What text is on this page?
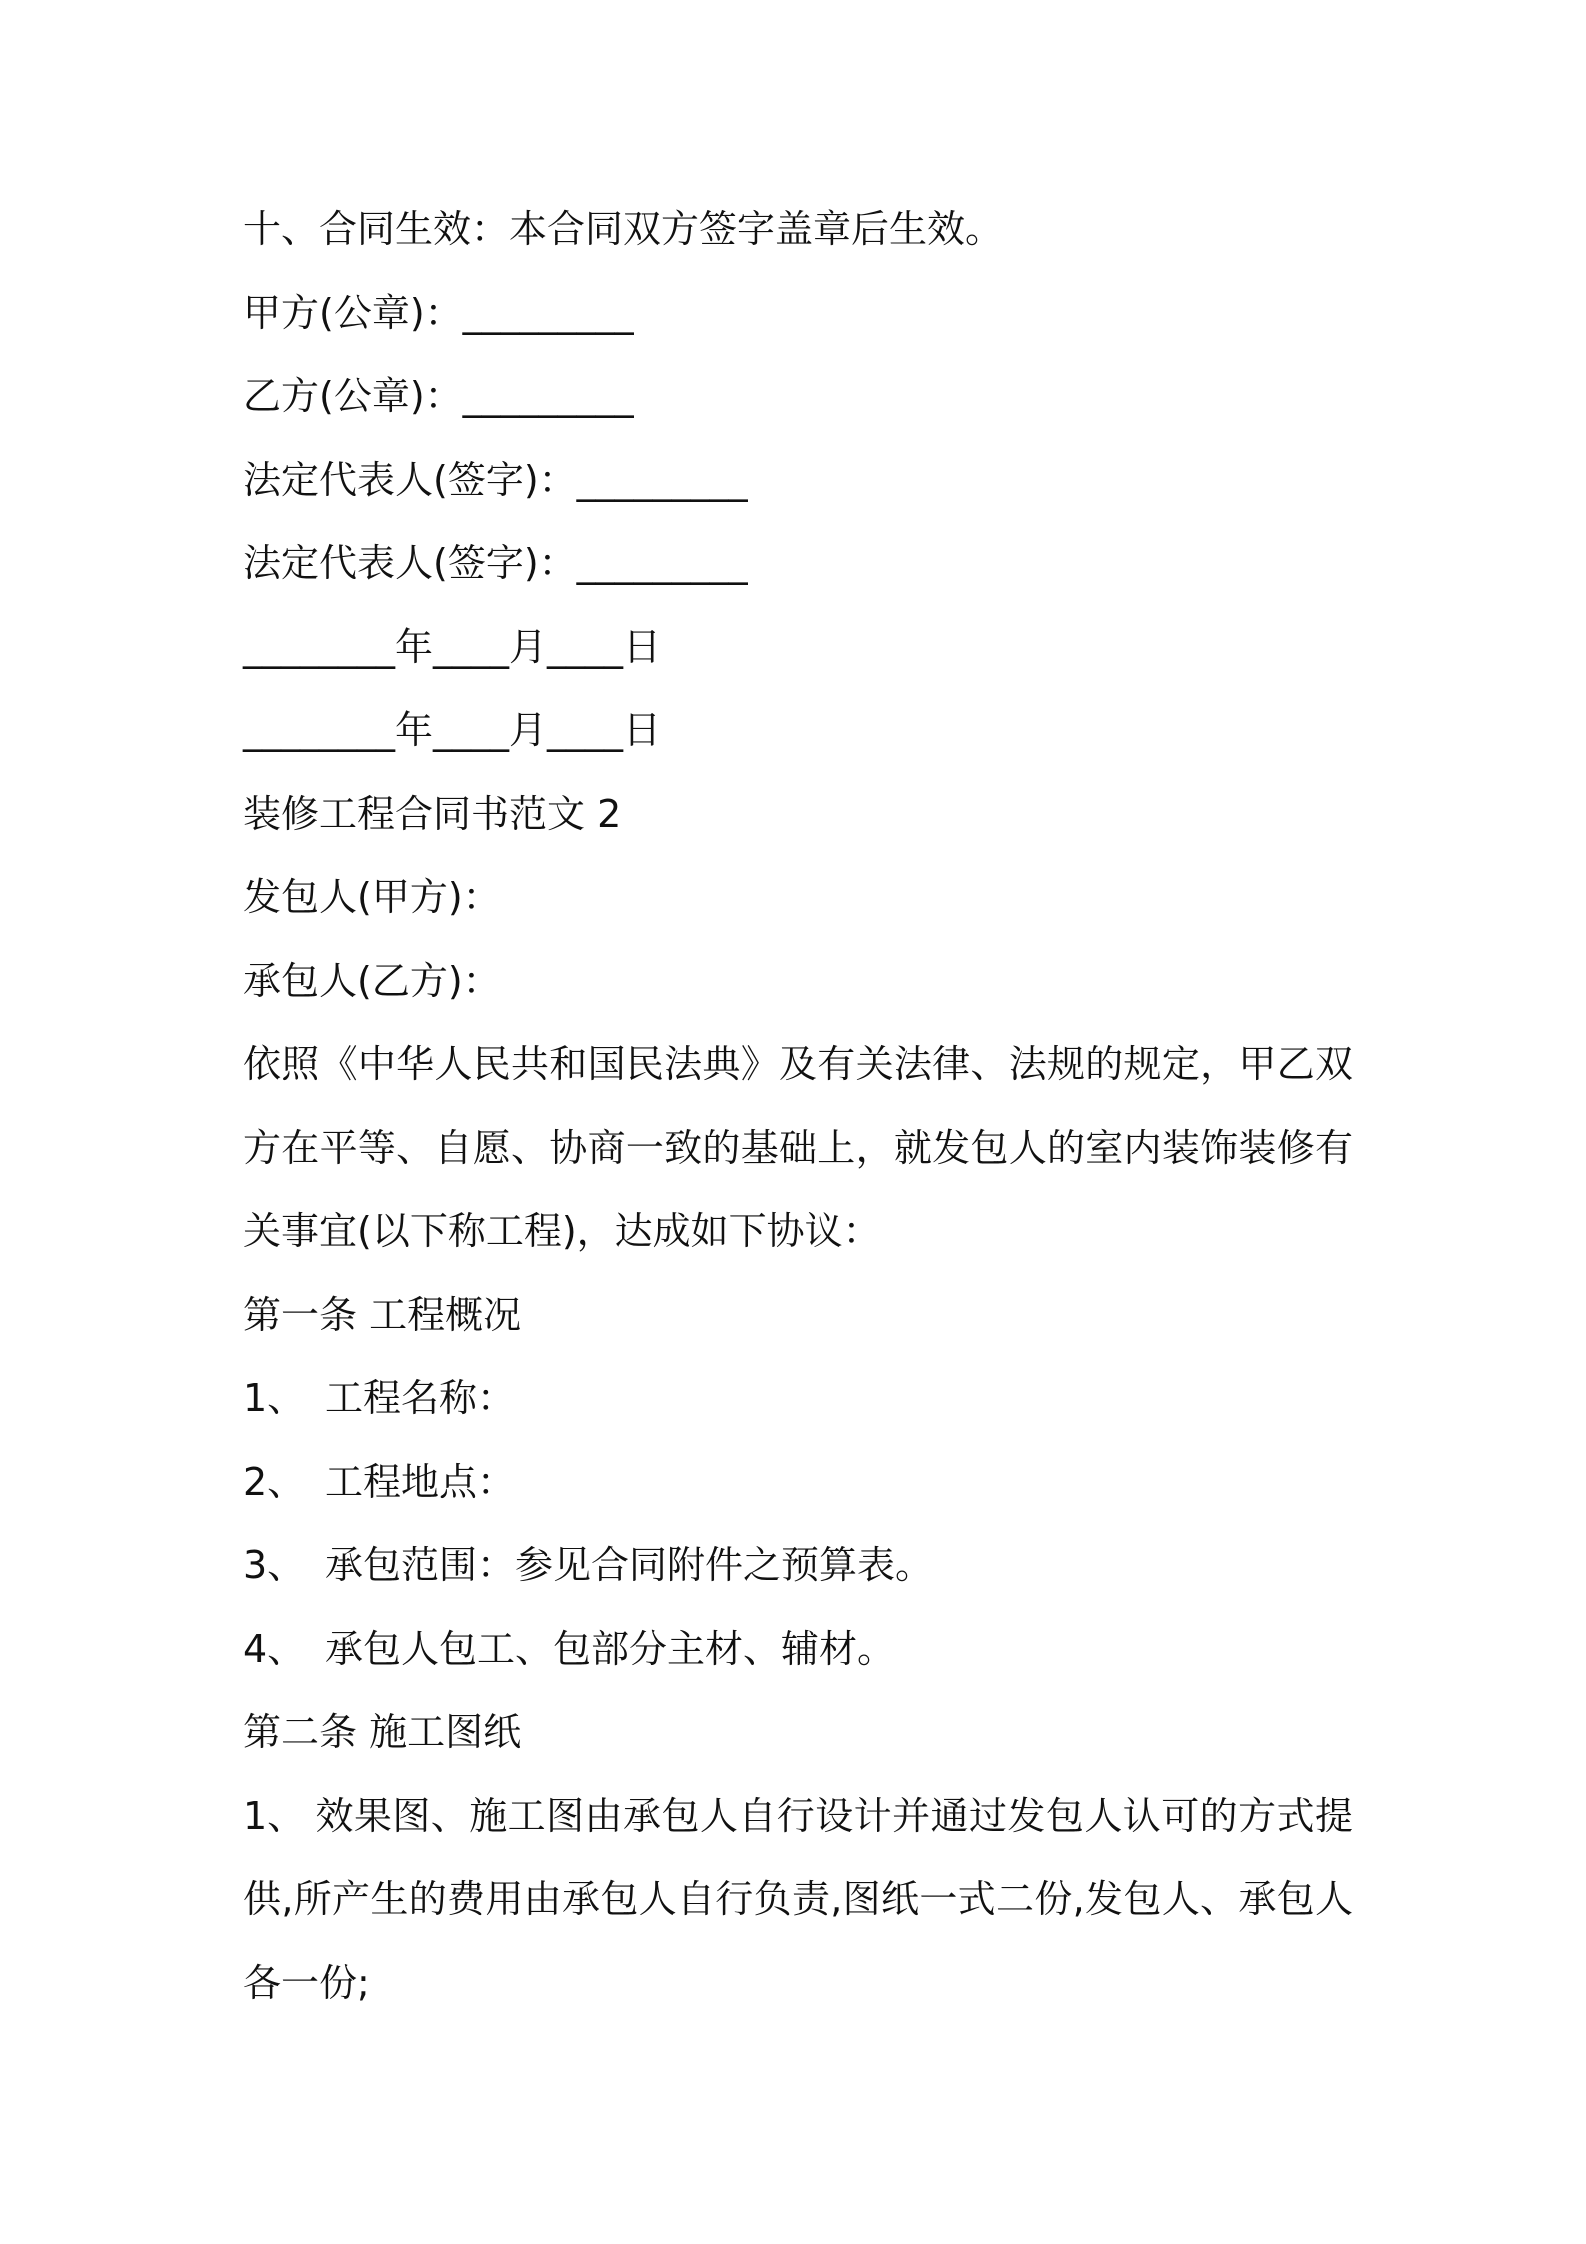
十、合同生效：本合同双方签字盖章后生效。
甲方(公章)：_________
乙方(公章)：_________
法定代表人(签字)：_________
法定代表人(签字)：_________
________年____月____日
________年____月____日
装修工程合同书范文 2
发包人(甲方)：
承包人(乙方)：
依照《中华人民共和国民法典》及有关法律、法规的规定，甲乙双方在平等、自愿、协商一致的基础上，就发包人的室内装饰装修有关事宜(以下称工程)，达成如下协议：
第一条 工程概况
1、 工程名称：
2、 工程地点：
3、 承包范围：参见合同附件之预算表。
4、 承包人包工、包部分主材、辅材。
第二条 施工图纸
1、 效果图、施工图由承包人自行设计并通过发包人认可的方式提供,所产生的费用由承包人自行负责,图纸一式二份,发包人、承包人各一份;
